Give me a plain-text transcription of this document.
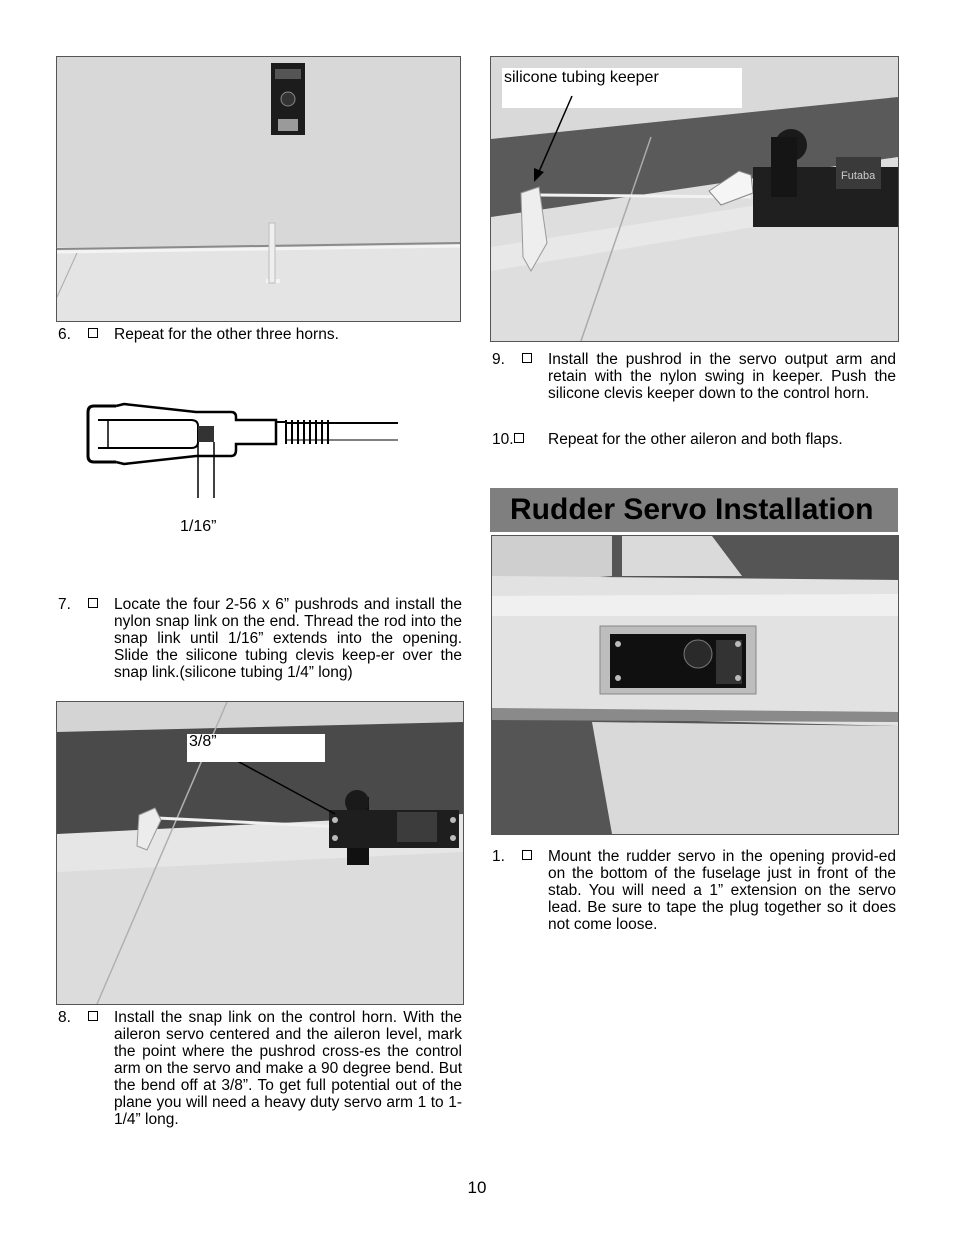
6.	Repeat for the other three horns.
1/16”
7.	Locate the four 2-56 x 6” pushrods and install the nylon snap link on the end. Thread the rod into the snap link until 1/16” extends into the opening. Slide the silicone tubing clevis keep-er over the snap link.(silicone tubing 1/4” long)
3/8”
8.	Install the snap link on the control horn. With the aileron servo centered and the aileron level, mark the point where the pushrod cross-es the control arm on the servo and make a 90 degree bend. But the bend off at 3/8”. To get full potential out of the plane you will need a heavy duty servo arm 1 to 1-1/4” long.
Futaba
silicone tubing keeper
9.	Install the pushrod in the servo output arm and retain with the nylon swing in keeper. Push the silicone clevis keeper down to the control horn.
10. Repeat for the other aileron and both flaps.
Rudder Servo Installation
1.	Mount the rudder servo in the opening provid-ed on the bottom of the fuselage just in front of the stab. You will need a 1” extension on the servo lead. Be sure to tape the plug together so it does not come loose.
10
